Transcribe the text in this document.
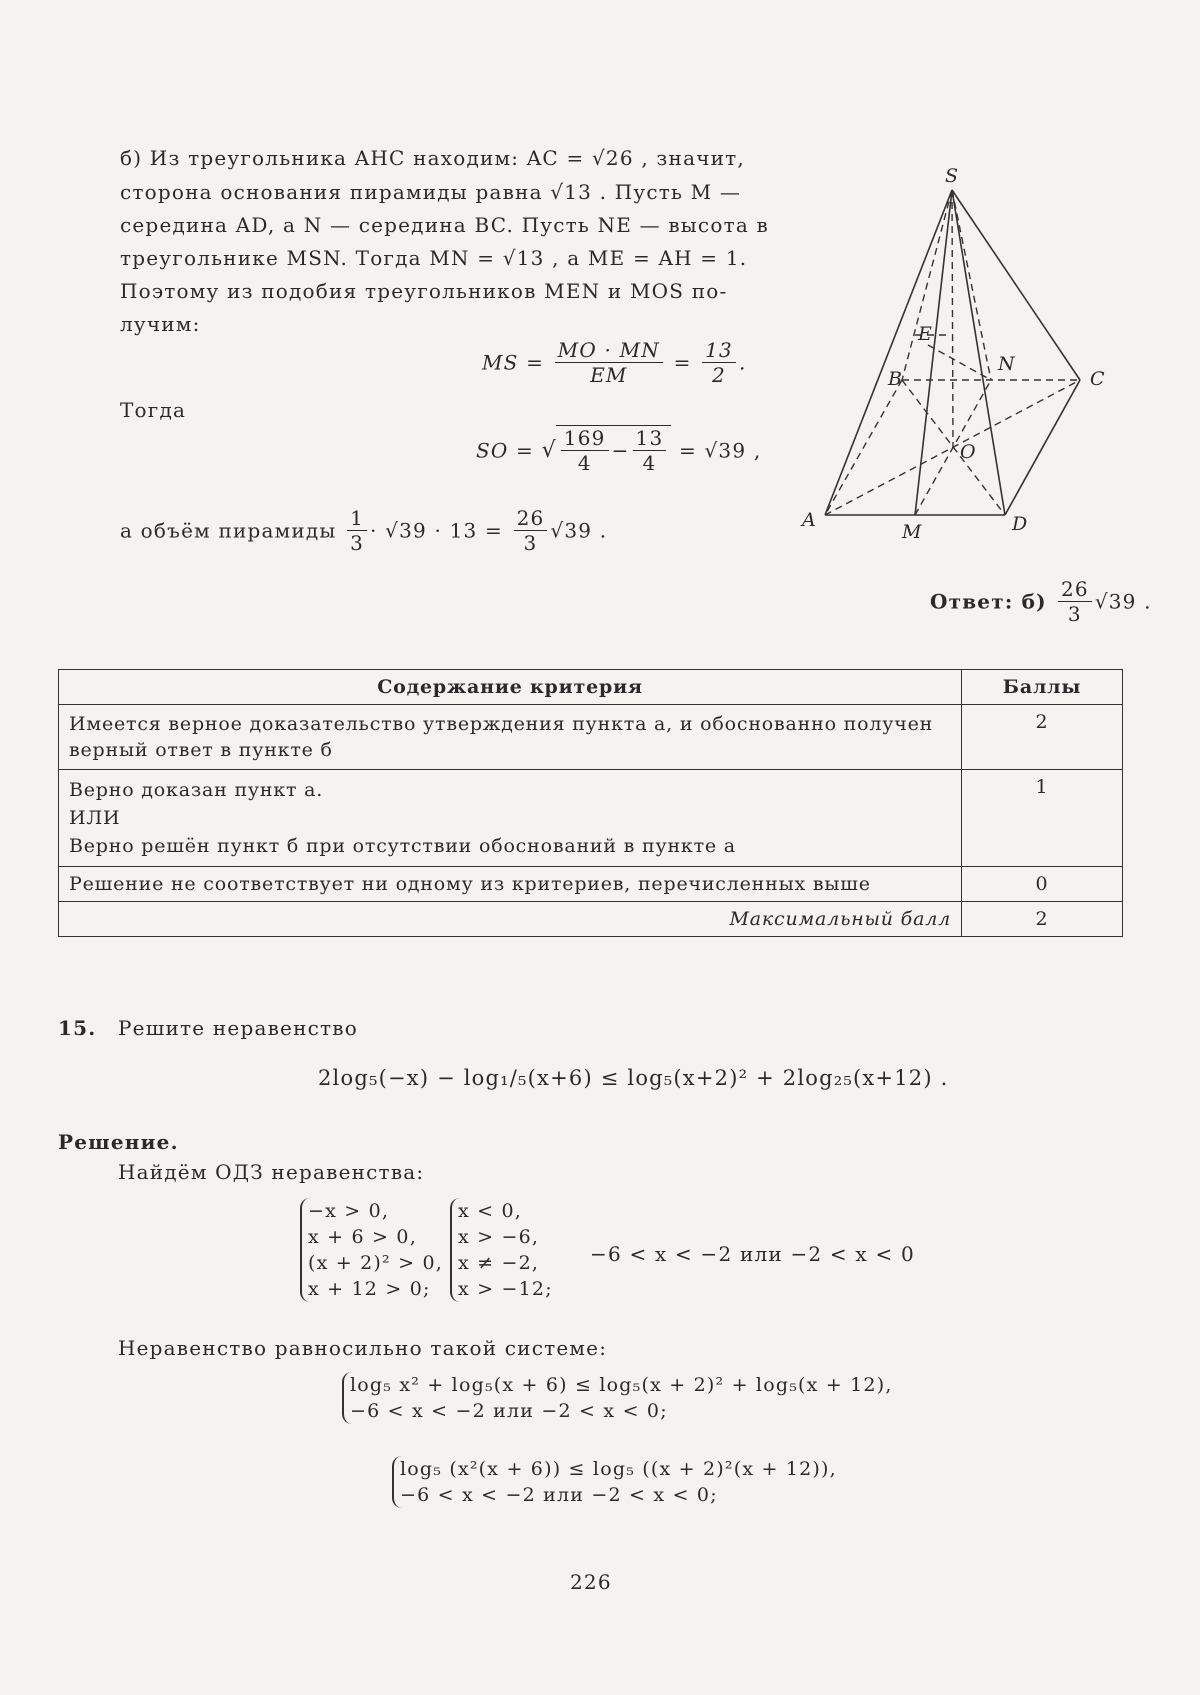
б) Из треугольника AHC находим: AC = √26 , значит,
сторона основания пирамиды равна √13 . Пусть M —
середина AD, а N — середина BC. Пусть NE — высота в
треугольнике MSN. Тогда MN = √13 , а ME = AH = 1.
Поэтому из подобия треугольников MEN и MOS по-
лучим:
MS = $\frac{MO \cdot MN}{EM} = \frac{13}{2}$ .
Тогда
SO = √ $\frac{169}{4} - \frac{13}{4} = √39$ ,
а объём пирамиды $\frac{1}{3} \cdot √39 \cdot 13 = \frac{26}{3} √39$ .
S
E
N
B	C
O
A
M	D
Ответ: $б) \frac{26}{3} √39$ .
Содержание критерия	Баллы
Имеется верное доказательство утверждения пункта а, и обоснованно получен верный ответ в пункте б	2

Верно доказан пункт а.
ИЛИ
Верно решён пункт б при отсутствии обоснований в пункте а	1
Решение не соответствует ни одному из критериев, перечисленных выше	0
Максимальный балл	2
15. Решите неравенство
2log₅(−x) − log₁/₅(x+6) ≤ log₅(x+2)² + 2log₂₅(x+12) .
Решение.
Найдём ОДЗ неравенства:
−x > 0,
x + 6 > 0,
(x + 2)² > 0,
x + 12 > 0;
x < 0,
x > −6,
x ≠ −2,
x > −12;
−6 < x < −2 или −2 < x < 0
Неравенство равносильно такой системе:
log₅ x² + log₅(x + 6) ≤ log₅(x + 2)² + log₅(x + 12),
−6 < x < −2 или −2 < x < 0;
log₅ (x²(x + 6)) ≤ log₅ ((x + 2)²(x + 12)),
−6 < x < −2 или −2 < x < 0;
226
